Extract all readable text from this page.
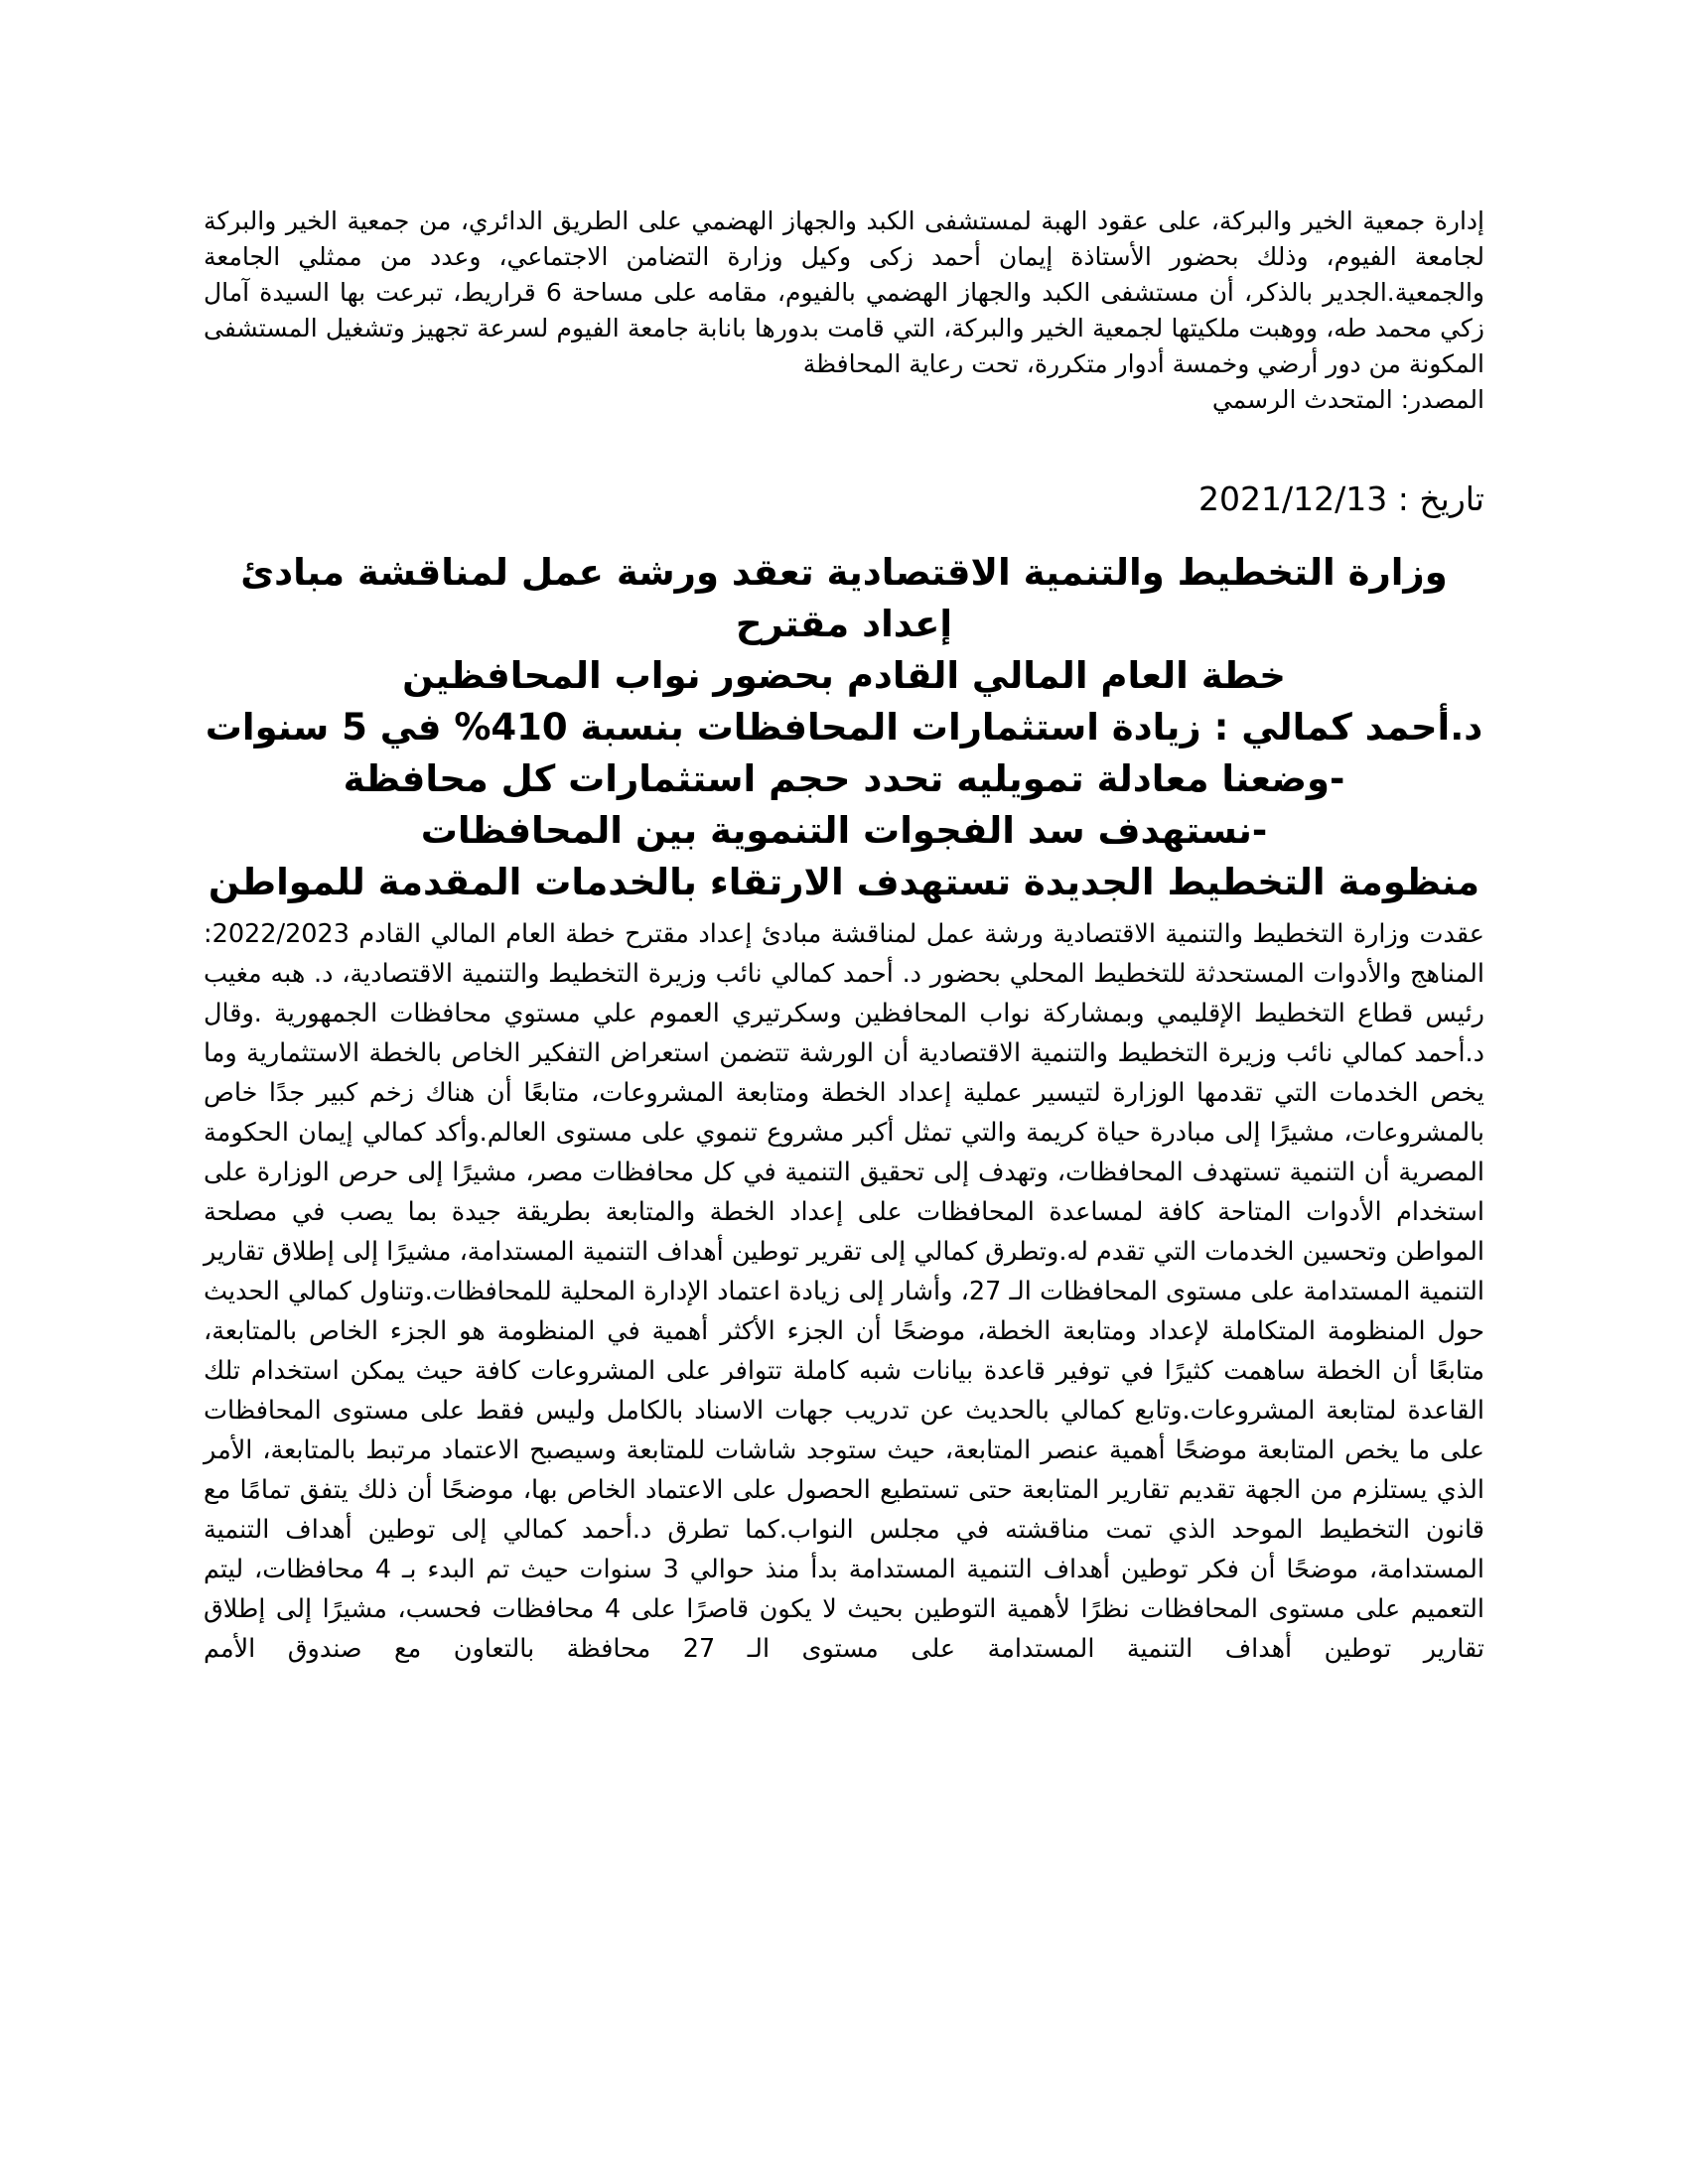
إدارة جمعية الخير والبركة، على عقود الهبة لمستشفى الكبد والجهاز الهضمي على الطريق الدائري، من جمعية الخير والبركة لجامعة الفيوم، وذلك بحضور الأستاذة إيمان أحمد زكى وكيل وزارة التضامن الاجتماعي، وعدد من ممثلي الجامعة والجمعية.الجدير بالذكر، أن مستشفى الكبد والجهاز الهضمي بالفيوم، مقامه على مساحة 6 قراريط، تبرعت بها السيدة آمال زكي محمد طه، ووهبت ملكيتها لجمعية الخير والبركة، التي قامت بدورها بانابة جامعة الفيوم لسرعة تجهيز وتشغيل المستشفى المكونة من دور أرضي وخمسة أدوار متكررة، تحت رعاية المحافظة

المصدر: المتحدث الرسمي

تاريخ : 2021/12/13

وزارة التخطيط والتنمية الاقتصادية تعقد ورشة عمل لمناقشة مبادئ إعداد مقترح

خطة العام المالي القادم بحضور نواب المحافظين

د.أحمد كمالي : زيادة استثمارات المحافظات بنسبة 410% في 5 سنوات

-وضعنا معادلة تمويليه تحدد حجم استثمارات كل محافظة

-نستهدف سد الفجوات التنموية بين المحافظات

منظومة التخطيط الجديدة تستهدف الارتقاء بالخدمات المقدمة للمواطن

عقدت وزارة التخطيط والتنمية الاقتصادية ورشة عمل لمناقشة مبادئ إعداد مقترح خطة العام المالي القادم 2022/2023: المناهج والأدوات المستحدثة للتخطيط المحلي بحضور د. أحمد كمالي نائب وزيرة التخطيط والتنمية الاقتصادية، د. هبه مغيب رئيس قطاع التخطيط الإقليمي وبمشاركة نواب المحافظين وسكرتيري العموم علي مستوي محافظات الجمهورية .وقال د.أحمد كمالي نائب وزيرة التخطيط والتنمية الاقتصادية أن الورشة تتضمن استعراض التفكير الخاص بالخطة الاستثمارية وما يخص الخدمات التي تقدمها الوزارة لتيسير عملية إعداد الخطة ومتابعة المشروعات، متابعًا أن هناك زخم كبير جدًا خاص بالمشروعات، مشيرًا إلى مبادرة حياة كريمة والتي تمثل أكبر مشروع تنموي على مستوى العالم.وأكد كمالي إيمان الحكومة المصرية أن التنمية تستهدف المحافظات، وتهدف إلى تحقيق التنمية في كل محافظات مصر، مشيرًا إلى حرص الوزارة على استخدام الأدوات المتاحة كافة لمساعدة المحافظات على إعداد الخطة والمتابعة بطريقة جيدة بما يصب في مصلحة المواطن وتحسين الخدمات التي تقدم له.وتطرق كمالي إلى تقرير توطين أهداف التنمية المستدامة، مشيرًا إلى إطلاق تقارير التنمية المستدامة على مستوى المحافظات الـ 27، وأشار إلى زيادة اعتماد الإدارة المحلية للمحافظات.وتناول كمالي الحديث حول المنظومة المتكاملة لإعداد ومتابعة الخطة، موضحًا أن الجزء الأكثر أهمية في المنظومة هو الجزء الخاص بالمتابعة، متابعًا أن الخطة ساهمت كثيرًا في توفير قاعدة بيانات شبه كاملة تتوافر على المشروعات كافة حيث يمكن استخدام تلك القاعدة لمتابعة المشروعات.وتابع كمالي بالحديث عن تدريب جهات الاسناد بالكامل وليس فقط على مستوى المحافظات على ما يخص المتابعة موضحًا أهمية عنصر المتابعة، حيث ستوجد شاشات للمتابعة وسيصبح الاعتماد مرتبط بالمتابعة، الأمر الذي يستلزم من الجهة تقديم تقارير المتابعة حتى تستطيع الحصول على الاعتماد الخاص بها، موضحًا أن ذلك يتفق تمامًا مع قانون التخطيط الموحد الذي تمت مناقشته في مجلس النواب.كما تطرق د.أحمد كمالي إلى توطين أهداف التنمية المستدامة، موضحًا أن فكر توطين أهداف التنمية المستدامة بدأ منذ حوالي 3 سنوات حيث تم البدء بـ 4 محافظات، ليتم التعميم على مستوى المحافظات نظرًا لأهمية التوطين بحيث لا يكون قاصرًا على 4 محافظات فحسب، مشيرًا إلى إطلاق تقارير توطين أهداف التنمية المستدامة على مستوى الـ 27 محافظة بالتعاون مع صندوق الأمم
